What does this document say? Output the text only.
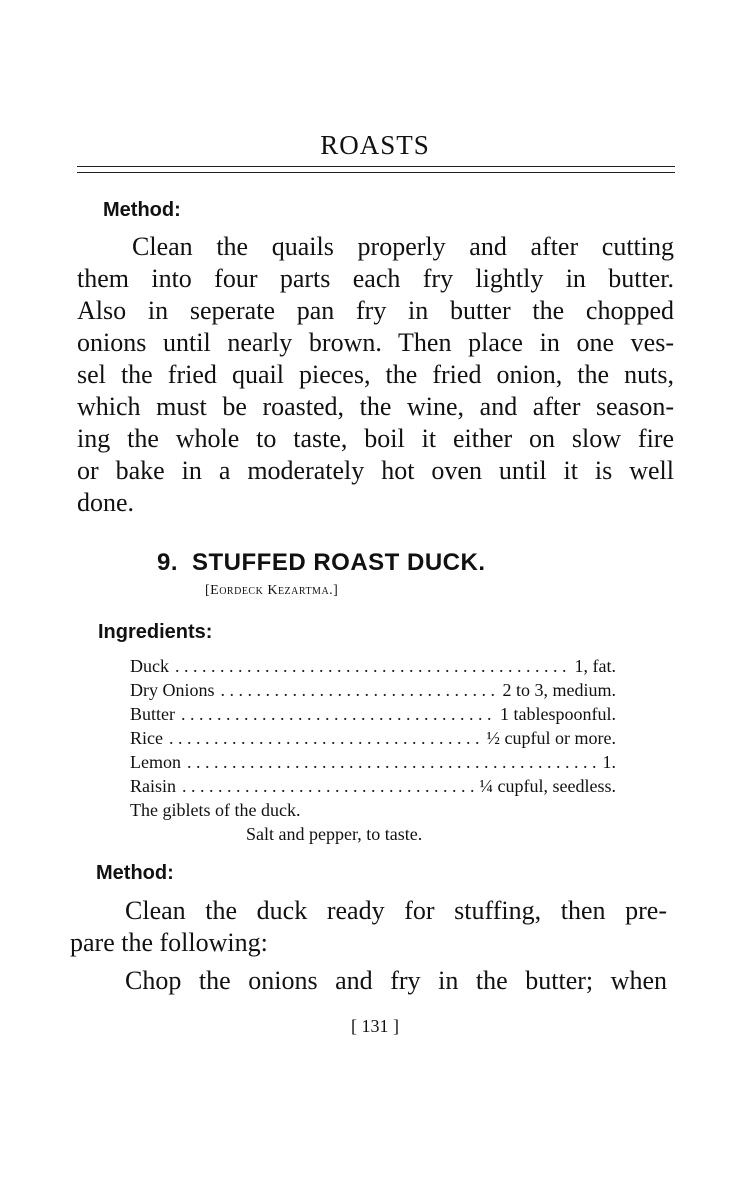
ROASTS
Method:
Clean the quails properly and after cutting
them into four parts each fry lightly in butter.
Also in seperate pan fry in butter the chopped
onions until nearly brown. Then place in one ves-
sel the fried quail pieces, the fried onion, the nuts,
which must be roasted, the wine, and after season-
ing the whole to taste, boil it either on slow fire
or bake in a moderately hot oven until it is well
done.
9. STUFFED ROAST DUCK.
[Eordeck Kezartma.]
Ingredients:
Duck . . .	1, fat.
Dry Onions . . .	2 to 3, medium.
Butter . . .	1 tablespoonful.
Rice . . .	½ cupful or more.
Lemon . . .	1.
Raisin . . .	¼ cupful, seedless.
The giblets of the duck.
Salt and pepper, to taste.
Method:
Clean the duck ready for stuffing, then pre-
pare the following:
Chop the onions and fry in the butter; when
[ 131 ]
